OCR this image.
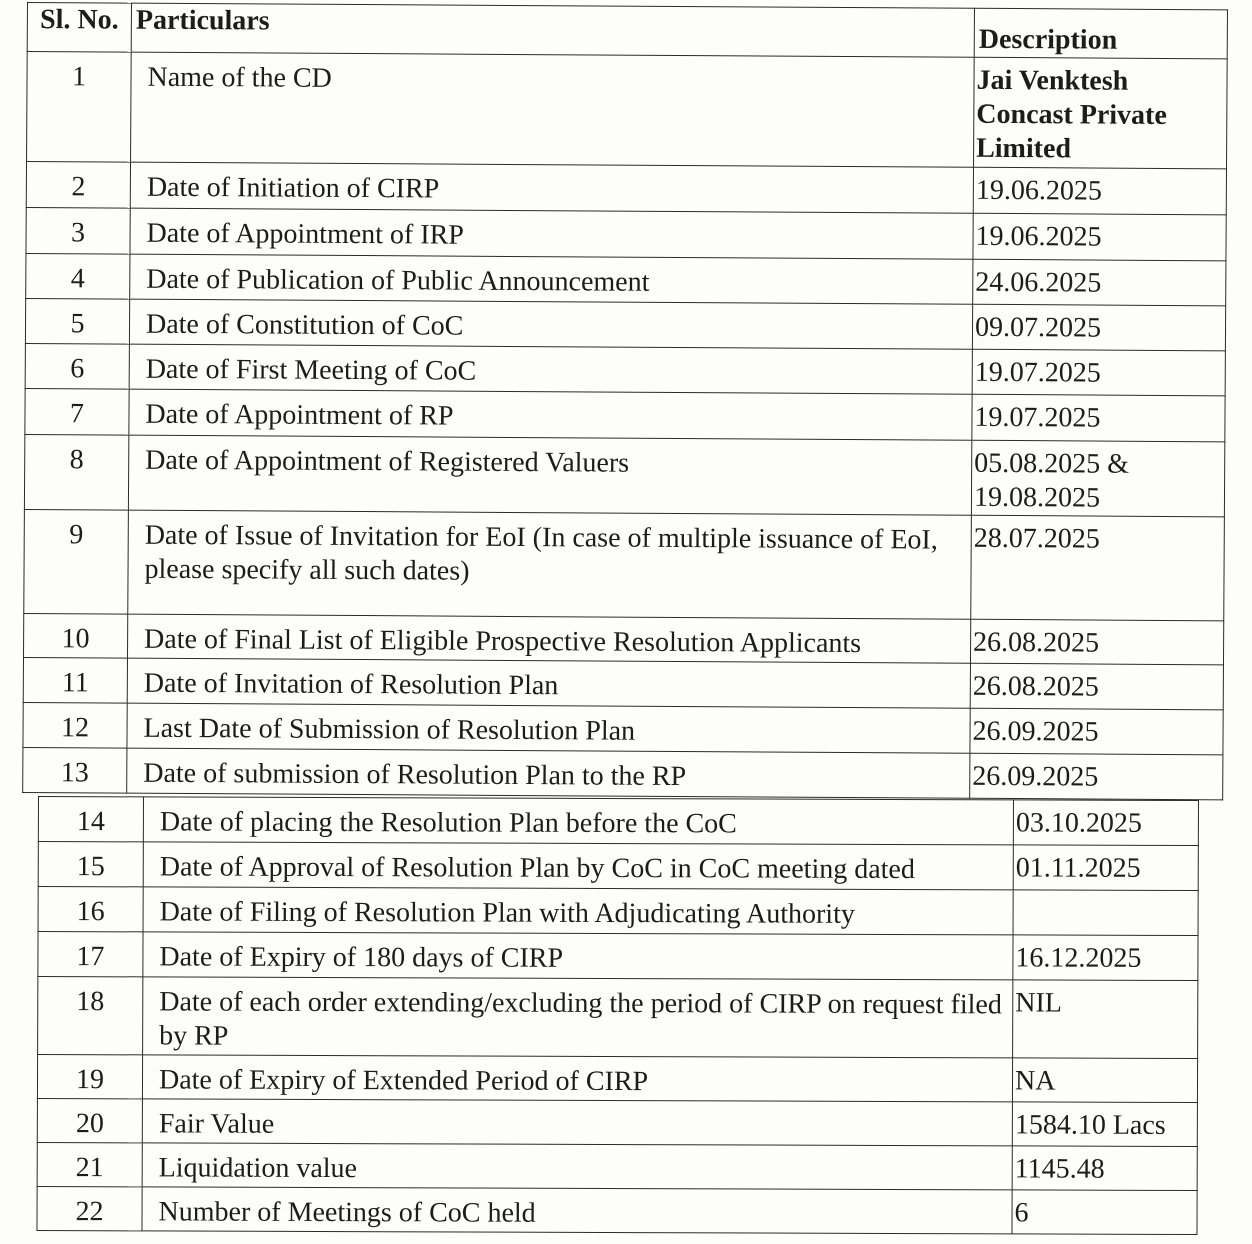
Sl. No.	Particulars	Description
1	Name of the CD	Jai Venktesh Concast Private Limited
2	Date of Initiation of CIRP	19.06.2025
3	Date of Appointment of IRP	19.06.2025
4	Date of Publication of Public Announcement	24.06.2025
5	Date of Constitution of CoC	09.07.2025
6	Date of First Meeting of CoC	19.07.2025
7	Date of Appointment of RP	19.07.2025
8	Date of Appointment of Registered Valuers	05.08.2025 & 19.08.2025
9	Date of Issue of Invitation for EoI (In case of multiple issuance of EoI, please specify all such dates)	28.07.2025
10	Date of Final List of Eligible Prospective Resolution Applicants	26.08.2025
11	Date of Invitation of Resolution Plan	26.08.2025
12	Last Date of Submission of Resolution Plan	26.09.2025
13	Date of submission of Resolution Plan to the RP	26.09.2025
14	Date of placing the Resolution Plan before the CoC	03.10.2025
15	Date of Approval of Resolution Plan by CoC in CoC meeting dated	01.11.2025
16	Date of Filing of Resolution Plan with Adjudicating Authority	
17	Date of Expiry of 180 days of CIRP	16.12.2025
18	Date of each order extending/excluding the period of CIRP on request filed by RP	NIL
19	Date of Expiry of Extended Period of CIRP	NA
20	Fair Value	1584.10 Lacs
21	Liquidation value	1145.48
22	Number of Meetings of CoC held	6
